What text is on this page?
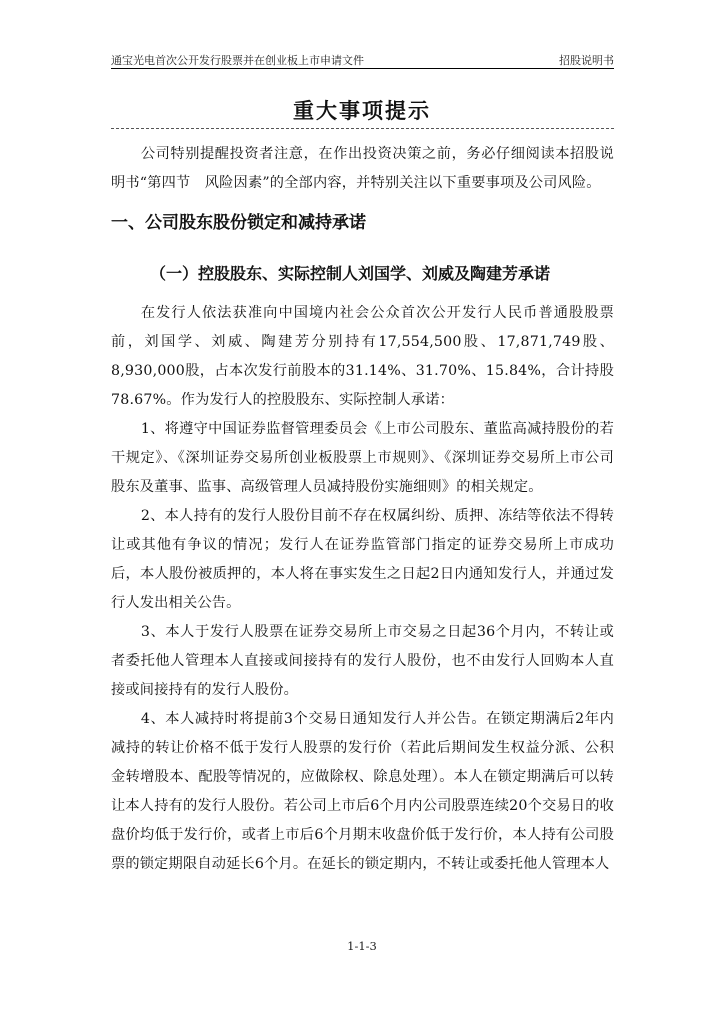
通宝光电首次公开发行股票并在创业板上市申请文件	招股说明书
重大事项提示

公司特别提醒投资者注意，在作出投资决策之前，务必仔细阅读本招股说明书“第四节　风险因素”的全部内容，并特别关注以下重要事项及公司风险。

一、公司股东股份锁定和减持承诺
（一）控股股东、实际控制人刘国学、刘威及陶建芳承诺

在发行人依法获准向中国境内社会公众首次公开发行人民币普通股股票前，刘国学、刘威、陶建芳分别持有17,554,500股、17,871,749股、8,930,000股，占本次发行前股本的31.14%、31.70%、15.84%，合计持股78.67%。作为发行人的控股股东、实际控制人承诺：

1、将遵守中国证券监督管理委员会《上市公司股东、董监高减持股份的若干规定》、《深圳证券交易所创业板股票上市规则》、《深圳证券交易所上市公司股东及董事、监事、高级管理人员减持股份实施细则》的相关规定。

2、本人持有的发行人股份目前不存在权属纠纷、质押、冻结等依法不得转让或其他有争议的情况；发行人在证券监管部门指定的证券交易所上市成功后，本人股份被质押的，本人将在事实发生之日起2日内通知发行人，并通过发行人发出相关公告。

3、本人于发行人股票在证券交易所上市交易之日起36个月内，不转让或者委托他人管理本人直接或间接持有的发行人股份，也不由发行人回购本人直接或间接持有的发行人股份。

4、本人减持时将提前3个交易日通知发行人并公告。在锁定期满后2年内减持的转让价格不低于发行人股票的发行价（若此后期间发生权益分派、公积金转增股本、配股等情况的，应做除权、除息处理）。本人在锁定期满后可以转让本人持有的发行人股份。若公司上市后6个月内公司股票连续20个交易日的收盘价均低于发行价，或者上市后6个月期末收盘价低于发行价，本人持有公司股票的锁定期限自动延长6个月。在延长的锁定期内，不转让或委托他人管理本人

1-1-3
